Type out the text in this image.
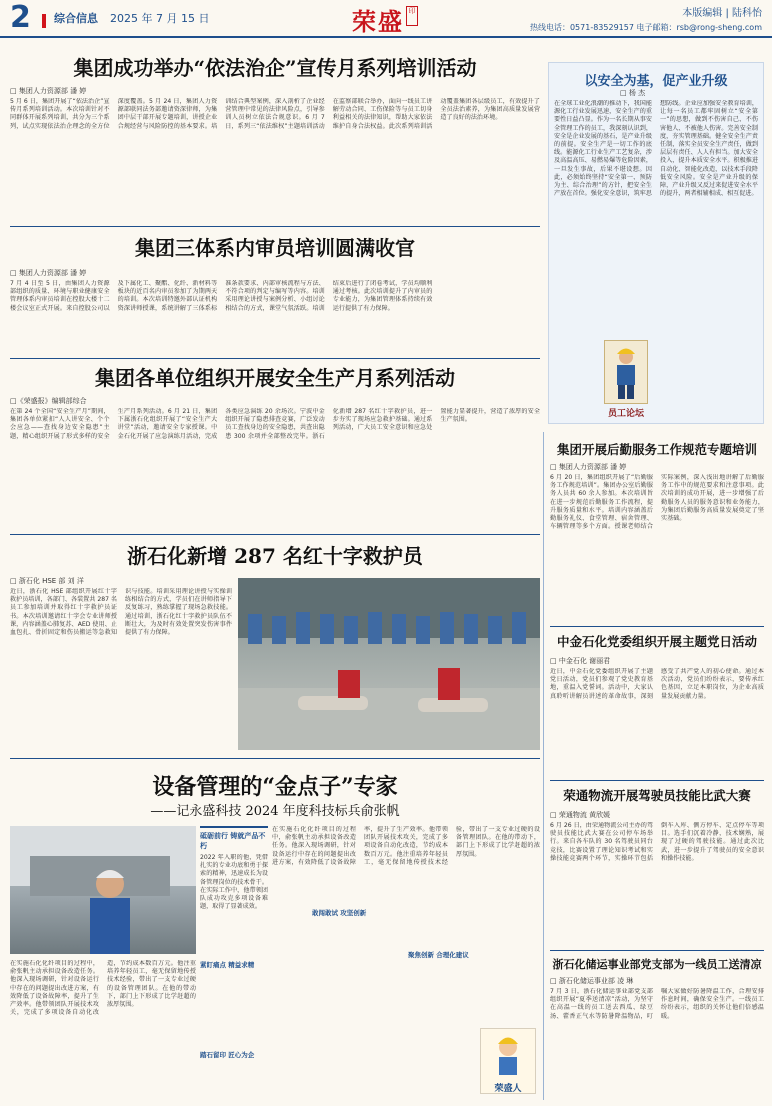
2 综合信息 2025 年 7 月 15 日	荣盛 印	本版编辑 | 陆科怡
热线电话：0571-83529157 电子邮箱：rsb@rong-sheng.com
集团成功举办“依法治企”宣传月系列培训活动
□ 集团人力资源部 潘 婷
5 月 6 日，集团开展了“依法治企”宣传月系列培训活动。本次培训针对不同群体开展系列培训，共分为三个系列，试点实现依法治企理念的全方位深度覆盖。5 月 24 日，集团人力资源部联同法务部邀请资深律师，为集团中层干部开展专题培训，讲授企业合规经营与风险防控的基本要求。培训结合典型案例，深入剖析了企业经营管理中常见的法律风险点，引导参训人员树立依法合规意识。6 月 7 日，系列三“依法维权”主题培训活动在监察部联合举办，面向一线员工讲解劳动合同、工伤保险等与员工切身利益相关的法律知识，帮助大家依法维护自身合法权益。此次系列培训活动覆盖集团各层级员工，有效提升了全员法治素养，为集团高质量发展营造了良好的法治环境。
以安全为基，促产业升级
□ 杨 杰
在全球工业化浪潮的推动下，我国能源化工行业发展迅速，安全生产的重要性日益凸显。作为一名长期从事安全管理工作的员工，我深刻认识到，安全是企业发展的基石，是产业升级的前提。安全生产是一切工作的底线。能源化工行业生产工艺复杂，涉及高温高压、易燃易爆等危险因素，一旦发生事故，后果不堪设想。因此，必须始终坚持“安全第一、预防为主、综合治理”的方针，把安全生产放在首位。强化安全意识，筑牢思想防线。企业应加强安全教育培训，让每一名员工都牢固树立“安全第一”的思想，做到不伤害自己、不伤害他人、不被他人伤害。完善安全制度，夯实管理基础。健全安全生产责任制，落实全员安全生产责任，做到层层有责任、人人有担当。加大安全投入，提升本质安全水平。积极推进自动化、智能化改造，以技术手段降低安全风险。安全是产业升级的保障，产业升级又反过来促进安全水平的提升，两者相辅相成、相互促进。
员工论坛
集团三体系内审员培训圆满收官
□ 集团人力资源部 潘 婷
7 月 4 日至 5 日，由集团人力资源部组织的质量、环境与职业健康安全管理体系内审员培训在控股大楼十二楼会议室正式开展。来自控股公司以及下属化工、聚酯、化纤、新材料等板块的近百名内审员参加了为期两天的培训。本次培训特邀外部认证机构资深讲师授课，系统讲解了三体系标准条款要求、内部审核流程与方法、不符合项的判定与编写等内容。培训采用理论讲授与案例分析、小组讨论相结合的方式，课堂气氛活跃。培训结束后进行了闭卷考试，学员均顺利通过考核。此次培训提升了内审员的专业能力，为集团管理体系持续有效运行提供了有力保障。
集团各单位组织开展安全生产月系列活动
□《荣盛报》编辑部综合
在第 24 个全国“安全生产月”期间，集团各单位紧扣“人人讲安全、个个会应急——查找身边安全隐患”主题，精心组织开展了形式多样的安全生产月系列活动。6 月 21 日，集团下属浙石化组织开展了“安全生产大讲堂”活动，邀请安全专家授课。中金石化开展了应急演练月活动，完成各类应急演练 20 余场次。宁波中金组织开展了隐患排查竞赛，广泛发动员工查找身边的安全隐患，共查出隐患 300 余项并全部整改完毕。浙石化新增 287 名红十字救护员，进一步夯实了现场应急救护基础。通过系列活动，广大员工安全意识和应急处置能力显著提升，营造了浓厚的安全生产氛围。
浙石化新增 287 名红十字救护员
□ 浙石化 HSE 部 刘 洋
近日，浙石化 HSE 部组织开展红十字救护员培训，各部门、各装置共 287 名员工参加培训并取得红十字救护员证书。本次培训邀请红十字会专业讲师授课，内容涵盖心肺复苏、AED 使用、止血包扎、骨折固定和伤员搬运等急救知识与技能。培训采用理论讲授与实操训练相结合的方式，学员们在讲师指导下反复练习，熟练掌握了现场急救技能。通过培训，浙石化红十字救护员队伍不断壮大，为及时有效处置突发伤害事件提供了有力保障。
设备管理的“金点子”专家
——记永盛科技 2024 年度科技标兵俞张帆
砥砺前行 铸就产品不朽
2022 年入职的他，凭借扎实的专业功底和勇于探索的精神，迅速成长为设备管理岗位的技术骨干。在实际工作中，他带领团队成功攻克多项设备难题，取得了显著成效。
在实施石化化纤项目的过程中，俞张帆主动承担设备改造任务。他深入现场调研，针对设备运行中存在的问题提出改进方案，有效降低了设备故障率，提升了生产效率。他带领团队开展技术攻关，完成了多项设备自动化改造，节约成本数百万元。他注重培养年轻员工，毫无保留地传授技术经验，带出了一支专业过硬的设备管理团队。在他的带动下，部门上下形成了比学赶超的浓厚氛围。
在实施石化化纤项目的过程中，俞张帆主动承担设备改造任务。他深入现场调研，针对设备运行中存在的问题提出改进方案，有效降低了设备故障率，提升了生产效率。他带领团队开展技术攻关，完成了多项设备自动化改造，节约成本数百万元。他注重培养年轻员工，毫无保留地传授技术经验，带出了一支专业过硬的设备管理团队。在他的带动下，部门上下形成了比学赶超的浓厚氛围。
紧盯痛点 精益求精
敢闯敢试 攻坚创新
聚焦创新 合理化建议
踏石留印 匠心为企
荣盛人
集团开展后勤服务工作规范专题培训
□ 集团人力资源部 潘 婷
6 月 20 日，集团组织开展了“后勤服务工作规范培训”。集团办公室后勤服务人员共 60 余人参加。本次培训旨在进一步规范后勤服务工作流程，提升服务质量和水平。培训内容涵盖后勤服务礼仪、食堂管理、宿舍管理、车辆管理等多个方面。授课老师结合实际案例，深入浅出地讲解了后勤服务工作中的规范要求和注意事项。此次培训的成功开展，进一步增强了后勤服务人员的服务意识和业务能力，为集团后勤服务高质量发展奠定了坚实基础。
中金石化党委组织开展主题党日活动
□ 中金石化 谢丽君
近日，中金石化党委组织开展了主题党日活动，党员们参观了党史教育基地，重温入党誓词。活动中，大家认真聆听讲解员讲述的革命故事，深刻感受了共产党人的初心使命。通过本次活动，党员们纷纷表示，要传承红色基因，立足本职岗位，为企业高质量发展贡献力量。
荣通物流开展驾驶员技能比武大赛
□ 荣通物流 黄欣媛
6 月 26 日，由荣通物流公司主办的驾驶员技能比武大赛在公司停车场举行。来自各车队的 30 名驾驶员同台竞技，比赛设置了理论知识考试和实操技能竞赛两个环节，实操环节包括倒车入库、侧方停车、定点停车等项目。选手们沉着冷静，技术娴熟，展现了过硬的驾驶技能。通过此次比武，进一步提升了驾驶员的安全意识和操作技能。
浙石化储运事业部党支部为一线员工送清凉
□ 浙石化储运事业部 凌 琳
7 月 3 日，浙石化储运事业部党支部组织开展“夏季送清凉”活动，为坚守在高温一线的员工送去西瓜、绿豆汤、藿香正气水等防暑降温物品，叮嘱大家做好防暑降温工作，合理安排作息时间，确保安全生产。一线员工纷纷表示，组织的关怀让他们倍感温暖。
